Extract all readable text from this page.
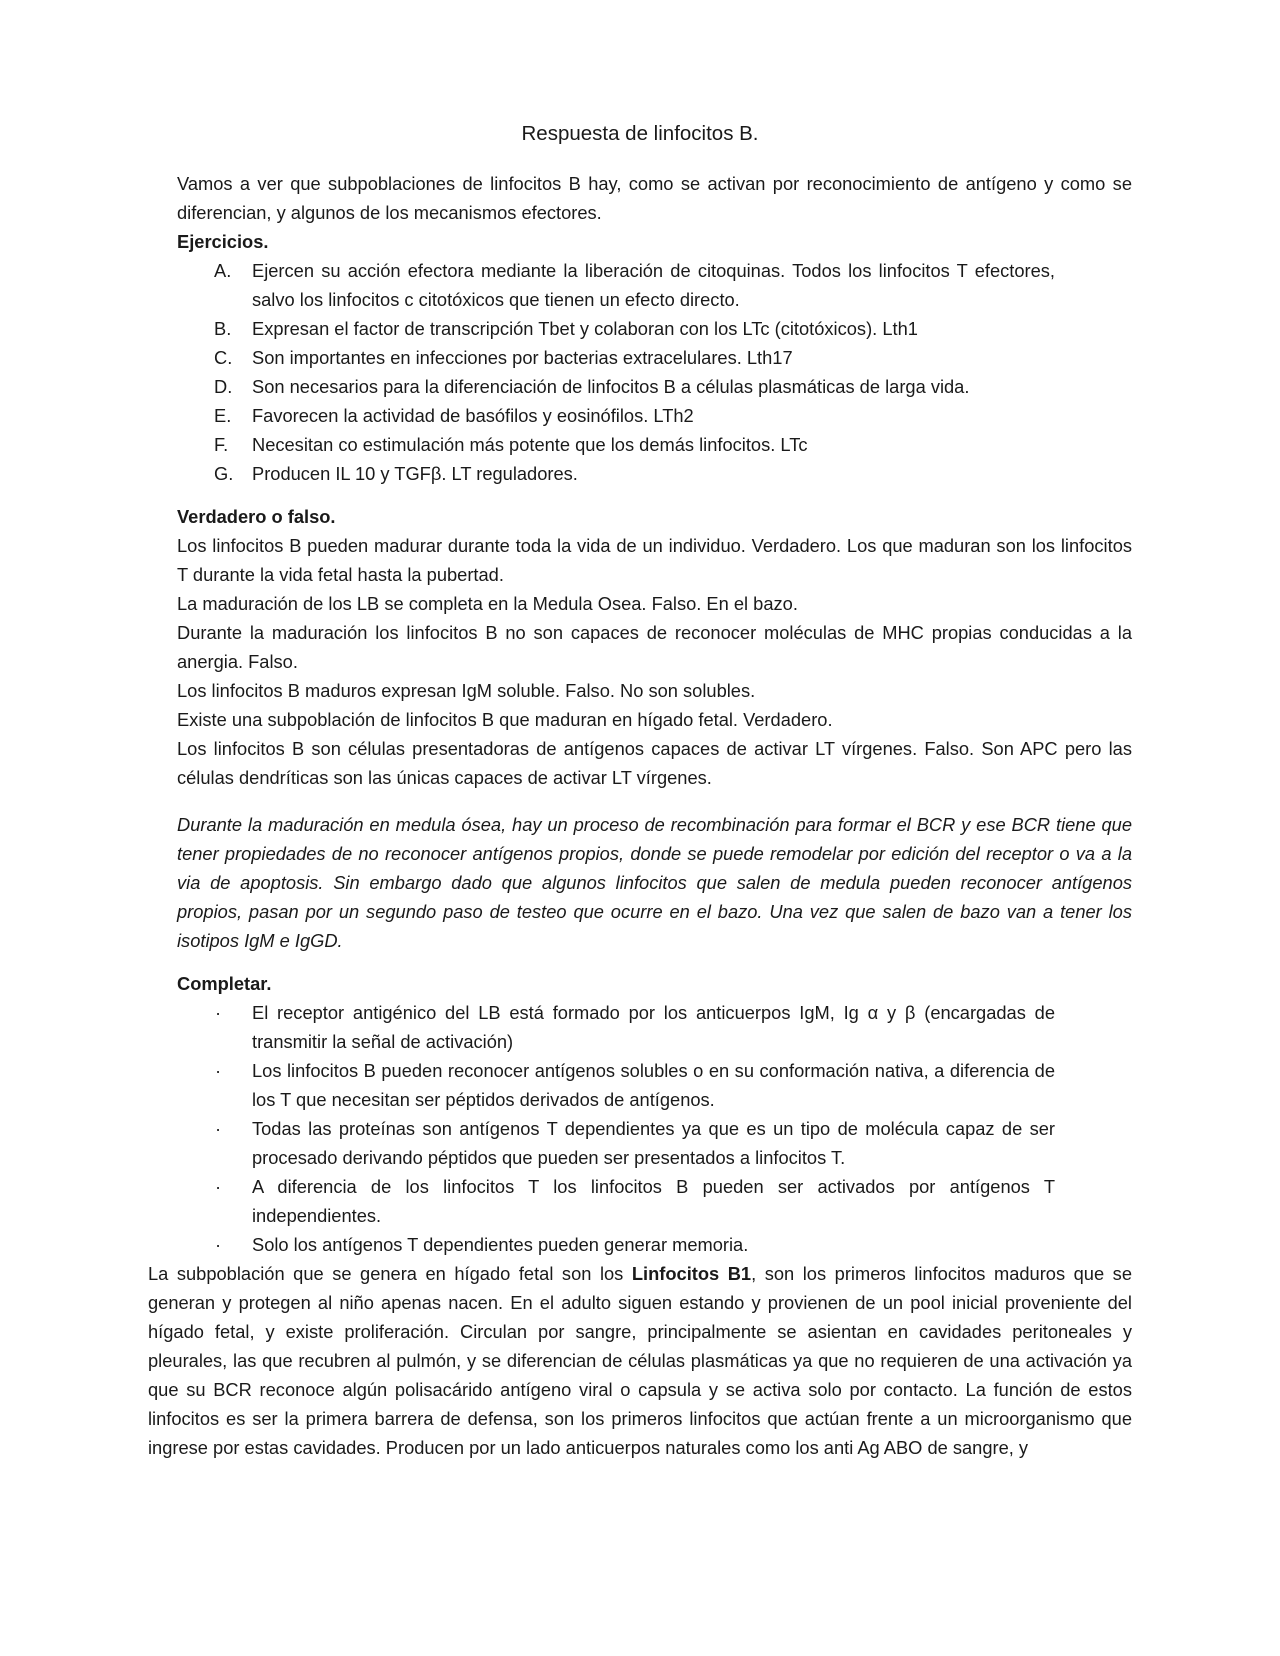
Respuesta de linfocitos B.

Vamos a ver que subpoblaciones de linfocitos B hay, como se activan por reconocimiento de antígeno y como se diferencian, y algunos de los mecanismos efectores.

Ejercicios.

A. Ejercen su acción efectora mediante la liberación de citoquinas. Todos los linfocitos T efectores, salvo los linfocitos c citotóxicos que tienen un efecto directo.
B. Expresan el factor de transcripción Tbet y colaboran con los LTc (citotóxicos). Lth1
C. Son importantes en infecciones por bacterias extracelulares. Lth17
D. Son necesarios para la diferenciación de linfocitos B a células plasmáticas de larga vida.
E. Favorecen la actividad de basófilos y eosinófilos. LTh2
F. Necesitan co estimulación más potente que los demás linfocitos. LTc
G. Producen IL 10 y TGFβ. LT reguladores.

Verdadero o falso.

Los linfocitos B pueden madurar durante toda la vida de un individuo. Verdadero. Los que maduran son los linfocitos T durante la vida fetal hasta la pubertad.

La maduración de los LB se completa en la Medula Osea. Falso. En el bazo.

Durante la maduración los linfocitos B no son capaces de reconocer moléculas de MHC propias conducidas a la anergia. Falso.

Los linfocitos B maduros expresan IgM soluble. Falso. No son solubles.

Existe una subpoblación de linfocitos B que maduran en hígado fetal. Verdadero.

Los linfocitos B son células presentadoras de antígenos capaces de activar LT vírgenes. Falso. Son APC pero las células dendríticas son las únicas capaces de activar LT vírgenes.

Durante la maduración en medula ósea, hay un proceso de recombinación para formar el BCR y ese BCR tiene que tener propiedades de no reconocer antígenos propios, donde se puede remodelar por edición del receptor o va a la via de apoptosis. Sin embargo dado que algunos linfocitos que salen de medula pueden reconocer antígenos propios, pasan por un segundo paso de testeo que ocurre en el bazo. Una vez que salen de bazo van a tener los isotipos IgM e IgGD.

Completar.

· El receptor antigénico del LB está formado por los anticuerpos IgM, Ig α y β (encargadas de transmitir la señal de activación)
· Los linfocitos B pueden reconocer antígenos solubles o en su conformación nativa, a diferencia de los T que necesitan ser péptidos derivados de antígenos.
· Todas las proteínas son antígenos T dependientes ya que es un tipo de molécula capaz de ser procesado derivando péptidos que pueden ser presentados a linfocitos T.
· A diferencia de los linfocitos T los linfocitos B pueden ser activados por antígenos T independientes.
· Solo los antígenos T dependientes pueden generar memoria.

La subpoblación que se genera en hígado fetal son los Linfocitos B1, son los primeros linfocitos maduros que se generan y protegen al niño apenas nacen. En el adulto siguen estando y provienen de un pool inicial proveniente del hígado fetal, y existe proliferación. Circulan por sangre, principalmente se asientan en cavidades peritoneales y pleurales, las que recubren al pulmón, y se diferencian de células plasmáticas ya que no requieren de una activación ya que su BCR reconoce algún polisacárido antígeno viral o capsula y se activa solo por contacto. La función de estos linfocitos es ser la primera barrera de defensa, son los primeros linfocitos que actúan frente a un microorganismo que ingrese por estas cavidades. Producen por un lado anticuerpos naturales como los anti Ag ABO de sangre, y
